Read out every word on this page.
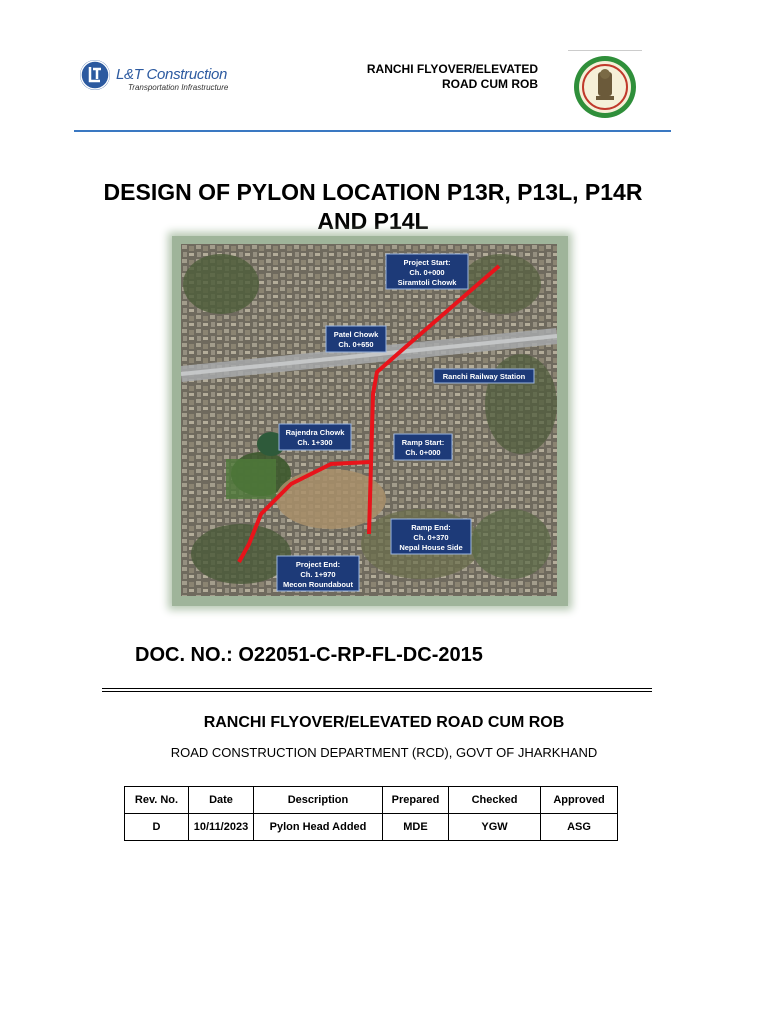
L&T Construction
Transportation Infrastructure
RANCHI FLYOVER/ELEVATED
ROAD CUM ROB
DESIGN OF PYLON LOCATION P13R, P13L, P14R
AND P14L
Project Start:
Ch. 0+000
Siramtoli Chowk
Patel Chowk
Ch. 0+650
Ranchi Railway Station
Rajendra Chowk
Ch. 1+300	Ramp Start:
Ch. 0+000
Ramp End:
Ch. 0+370
Nepal House Side
Project End:
Ch. 1+970
Mecon Roundabout
DOC. NO.: O22051-C-RP-FL-DC-2015
RANCHI FLYOVER/ELEVATED ROAD CUM ROB
ROAD CONSTRUCTION DEPARTMENT (RCD), GOVT OF JHARKHAND
Rev. No.	Date	Description	Prepared	Checked	Approved
D	10/11/2023	Pylon Head Added	MDE	YGW	ASG
